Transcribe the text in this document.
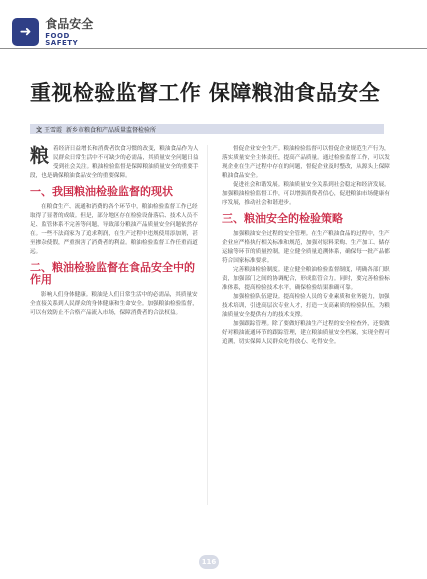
➜
食品安全
FOOD SAFETY
重视检验监督工作 保障粮油食品安全
文 王雪霞 新乡市粮食和产品质量监督检验所

粮 着经济日益增长和消费者饮食习惯的改变，粮油食品作为人民群众日常生活中不可缺少的必需品，其质量安全问题日益受到社会关注。粮油检验监督是保障粮油质量安全的重要手段，也是确保粮油食品安全的重要保障。

一、我国粮油检验监督的现状

在粮食生产、流通和消费的各个环节中，粮油检验监督工作已经取得了显著的成绩。但是，部分地区存在检验设备落后、技术人员不足、监管体系不完善等问题，导致部分粮油产品质量安全问题依然存在。一些不法商家为了追求利润，在生产过程中违规使用添加剂，甚至掺杂使假，严重损害了消费者的利益。粮油检验监督工作任重而道远。

二、粮油检验监督在食品安全中的作用

影响人们身体健康。粮油是人们日常生活中的必需品，其质量安全直接关系到人民群众的身体健康和生命安全。加强粮油检验监督，可以有效防止不合格产品流入市场，保障消费者的合法权益。

督促企业安全生产。粮油检验监督可以督促企业规范生产行为，落实质量安全主体责任，提高产品质量。通过检验监督工作，可以发现企业在生产过程中存在的问题，督促企业及时整改，从源头上保障粮油食品安全。

促进社会和谐发展。粮油质量安全关系到社会稳定和经济发展。加强粮油检验监督工作，可以增强消费者信心，促进粮油市场健康有序发展，推动社会和谐进步。

三、粮油安全的检验策略

加强粮油安全过程的安全管理。在生产粮油食品的过程中，生产企业应严格执行相关标准和规范，加强对原料采购、生产加工、储存运输等环节的质量控制，建立健全质量追溯体系，确保每一批产品都符合国家标准要求。

完善粮油检验制度。建立健全粮油检验监督制度，明确各部门职责，加强部门之间的协调配合，形成监管合力。同时，要完善检验标准体系，提高检验技术水平，确保检验结果准确可靠。

加强检验队伍建设。提高检验人员的专业素质和业务能力，加强技术培训，引进高层次专业人才，打造一支高素质的检验队伍，为粮油质量安全提供有力的技术支撑。

加强跟踪管理。除了要做好粮油生产过程的安全检查外，还要做好对粮油流通环节的跟踪管理，建立粮油质量安全档案，实现全程可追溯，切实保障人民群众吃得放心、吃得安全。

116
